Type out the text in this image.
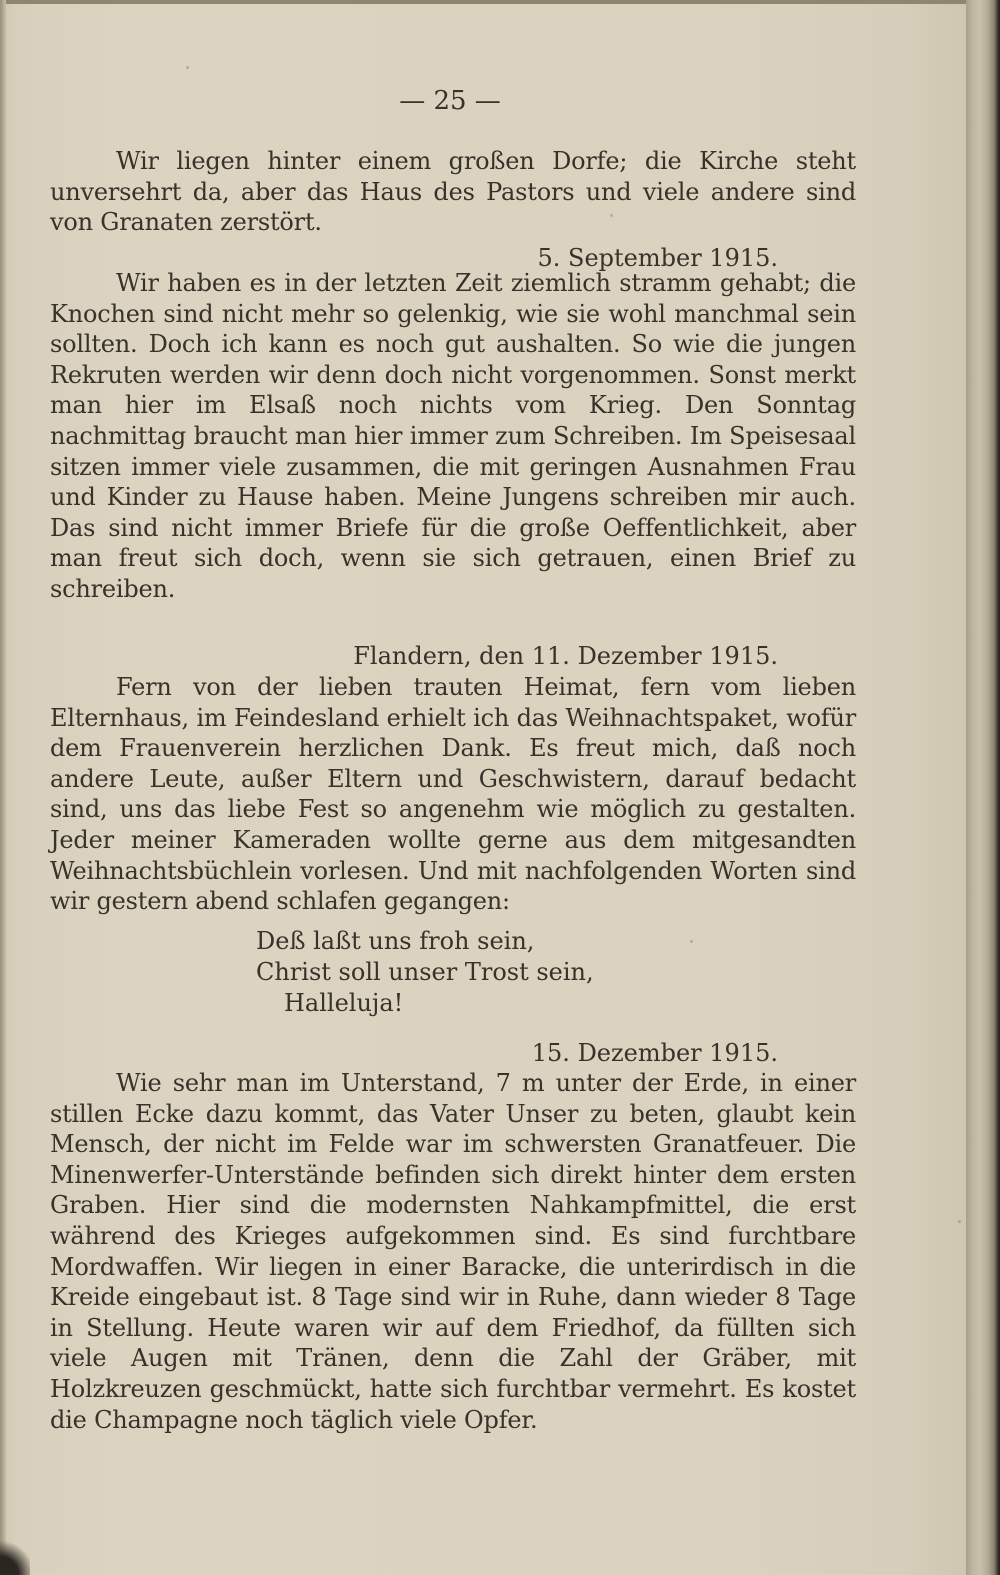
— 25 —

Wir liegen hinter einem großen Dorfe; die Kirche steht unversehrt da, aber das Haus des Pastors und viele andere sind von Granaten zerstört.

5. September 1915.

Wir haben es in der letzten Zeit ziemlich stramm gehabt; die Knochen sind nicht mehr so gelenkig, wie sie wohl manchmal sein sollten. Doch ich kann es noch gut aushalten. So wie die jungen Rekruten werden wir denn doch nicht vorgenommen. Sonst merkt man hier im Elsaß noch nichts vom Krieg. Den Sonntag nachmittag braucht man hier immer zum Schreiben. Im Speisesaal sitzen immer viele zusammen, die mit geringen Ausnahmen Frau und Kinder zu Hause haben. Meine Jungens schreiben mir auch. Das sind nicht immer Briefe für die große Oeffentlichkeit, aber man freut sich doch, wenn sie sich getrauen, einen Brief zu schreiben.

Flandern, den 11. Dezember 1915.

Fern von der lieben trauten Heimat, fern vom lieben Elternhaus, im Feindesland erhielt ich das Weihnachtspaket, wofür dem Frauenverein herzlichen Dank. Es freut mich, daß noch andere Leute, außer Eltern und Geschwistern, darauf bedacht sind, uns das liebe Fest so angenehm wie möglich zu gestalten. Jeder meiner Kameraden wollte gerne aus dem mitgesandten Weihnachtsbüchlein vorlesen. Und mit nachfolgenden Worten sind wir gestern abend schlafen gegangen:

Deß laßt uns froh sein,
Christ soll unser Trost sein,
Halleluja!
15. Dezember 1915.

Wie sehr man im Unterstand, 7 m unter der Erde, in einer stillen Ecke dazu kommt, das Vater Unser zu beten, glaubt kein Mensch, der nicht im Felde war im schwersten Granatfeuer. Die Minenwerfer-Unterstände befinden sich direkt hinter dem ersten Graben. Hier sind die modernsten Nahkampfmittel, die erst während des Krieges aufgekommen sind. Es sind furchtbare Mordwaffen. Wir liegen in einer Baracke, die unterirdisch in die Kreide eingebaut ist. 8 Tage sind wir in Ruhe, dann wieder 8 Tage in Stellung. Heute waren wir auf dem Friedhof, da füllten sich viele Augen mit Tränen, denn die Zahl der Gräber, mit Holzkreuzen geschmückt, hatte sich furchtbar vermehrt. Es kostet die Champagne noch täglich viele Opfer.
